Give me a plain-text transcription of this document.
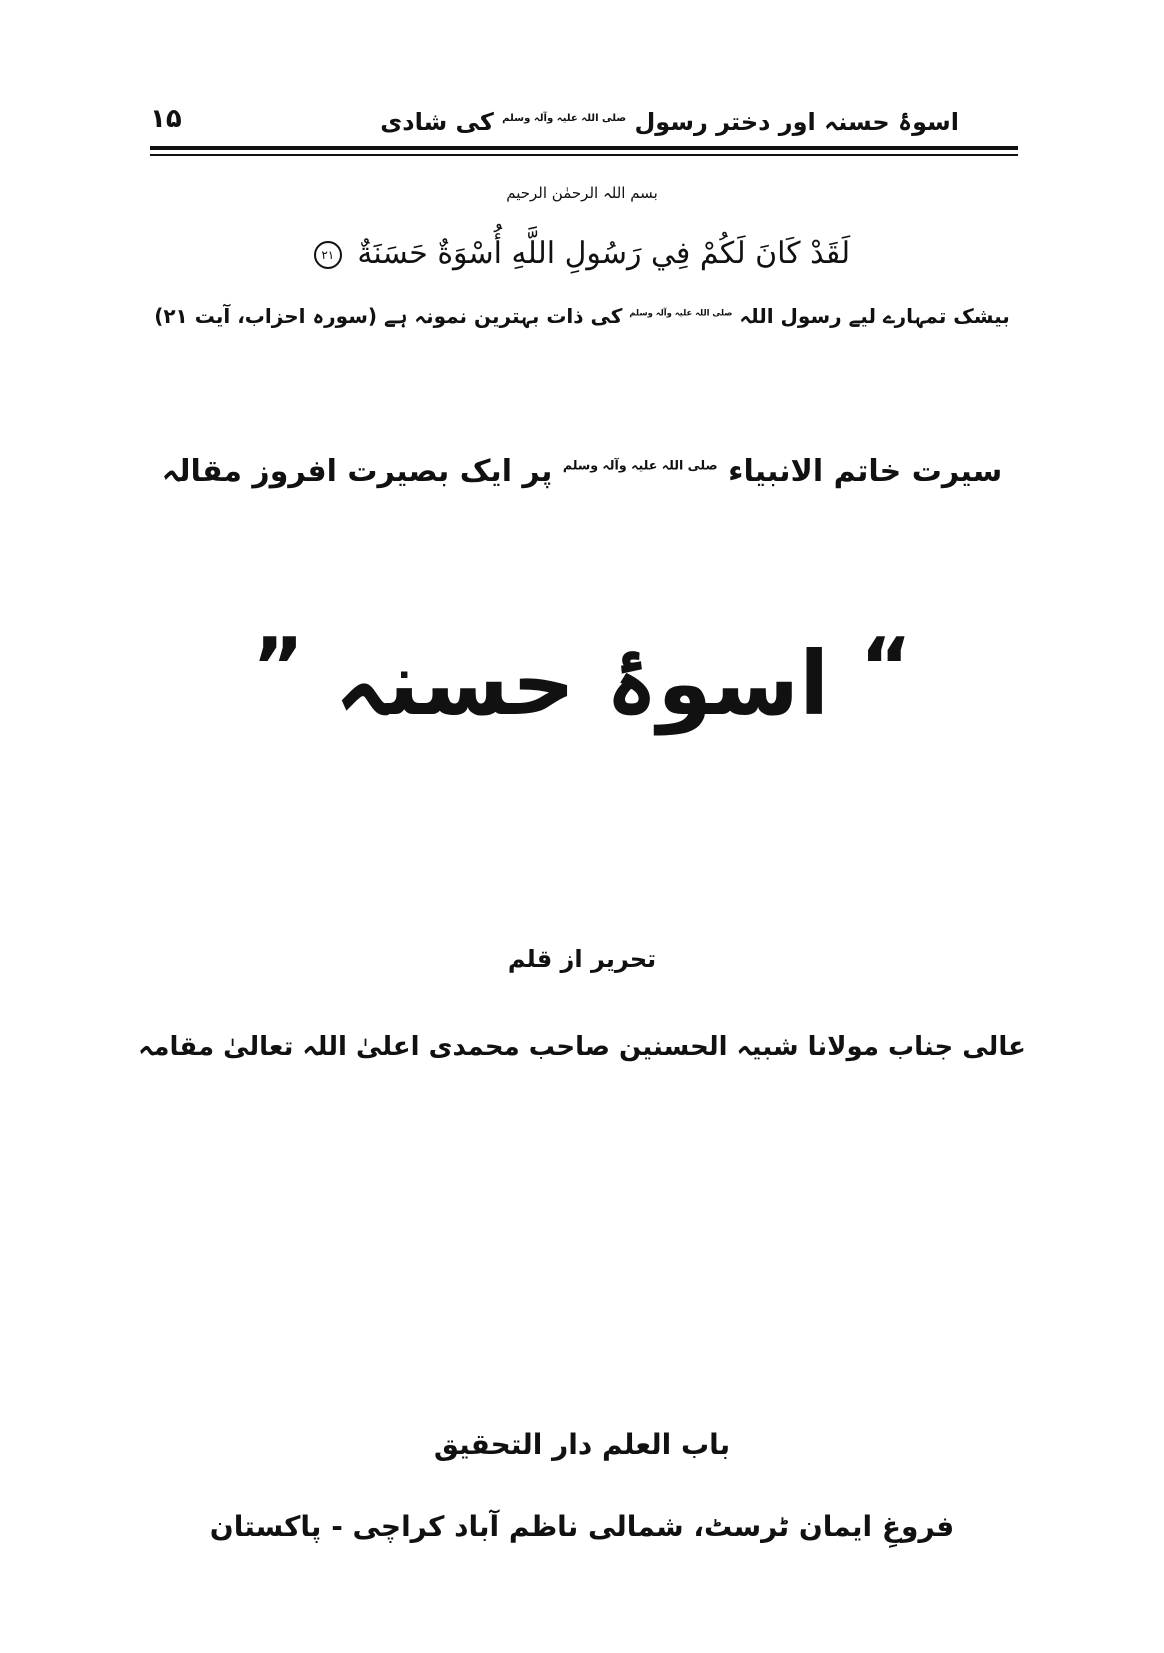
اسوۂ حسنہ اور دختر رسول $^{صلی اللہ علیہ وآلہ وسلم}$ کی شادی
۱۵
بسم اللہ الرحمٰن الرحیم
لَقَدْ كَانَ لَكُمْ فِي رَسُولِ اللَّهِ أُسْوَةٌ حَسَنَةٌ ٢١
بیشک تمہارے لیے رسول اللہ $^{صلی اللہ علیہ وآلہ وسلم}$ کی ذات بہترین نمونہ ہے (سورہ احزاب، آیت ۲۱)
سیرت خاتم الانبیاء $^{صلی اللہ علیہ وآلہ وسلم}$ پر ایک بصیرت افروز مقالہ
“ اسوۂ حسنہ ”
تحریر از قلم
عالی جناب مولانا شبیہ الحسنین صاحب محمدی اعلیٰ اللہ تعالیٰ مقامہ
باب العلم دار التحقیق
فروغِ ایمان ٹرسٹ، شمالی ناظم آباد کراچی - پاکستان
